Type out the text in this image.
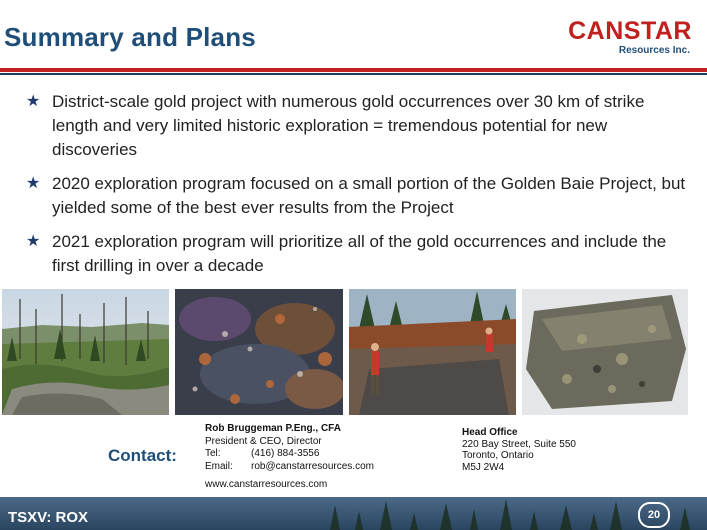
Summary and Plans	CANSTAR
Resources Inc.
★ District-scale gold project with numerous gold occurrences over 30 km of strike length and very limited historic exploration = tremendous potential for new discoveries
★ 2020 exploration program focused on a small portion of the Golden Baie Project, but yielded some of the best ever results from the Project
★ 2021 exploration program will prioritize all of the gold occurrences and include the first drilling in over a decade
Contact:
Rob Bruggeman P.Eng., CFA
President & CEO, Director
Tel:	(416) 884-3556
Email: rob@canstarresources.com
www.canstarresources.com
Head Office
220 Bay Street, Suite 550
Toronto, Ontario
M5J 2W4
TSXV: ROX	20
